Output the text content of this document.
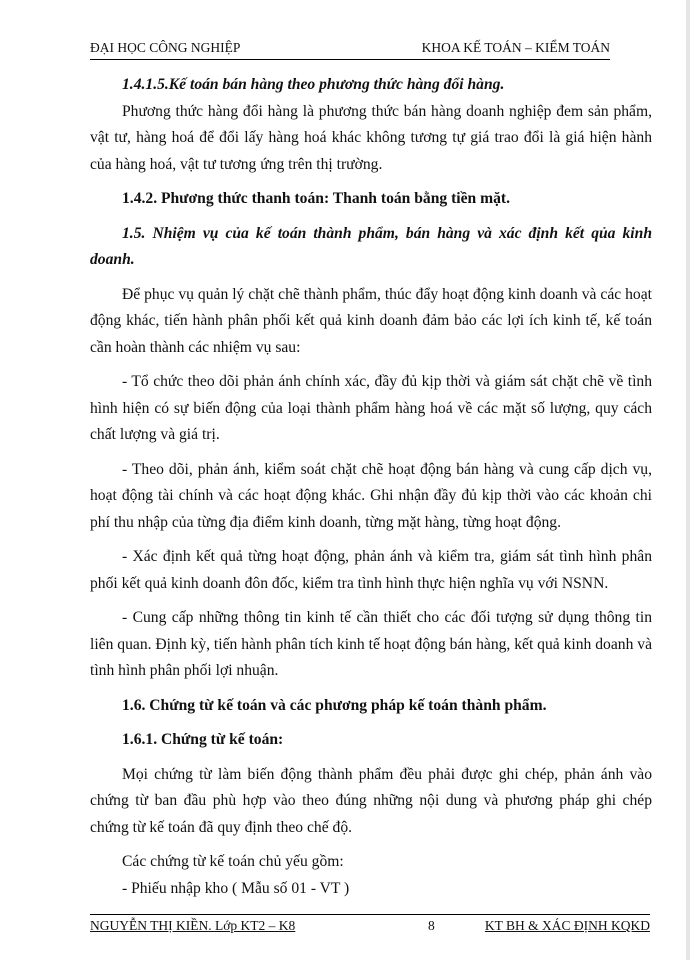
ĐẠI HỌC CÔNG NGHIỆP	KHOA KẾ TOÁN – KIỂM TOÁN

1.4.1.5.Kế toán bán hàng theo phương thức hàng đổi hàng.

Phương thức hàng đổi hàng là phương thức bán hàng doanh nghiệp đem sản phẩm, vật tư, hàng hoá để đổi lấy hàng hoá khác không tương tự giá trao đổi là giá hiện hành của hàng hoá, vật tư tương ứng trên thị trường.

1.4.2. Phương thức thanh toán: Thanh toán bằng tiền mặt.

1.5. Nhiệm vụ của kế toán thành phẩm, bán hàng và xác định kết qủa kinh doanh.

Để phục vụ quản lý chặt chẽ thành phẩm, thúc đẩy hoạt động kinh doanh và các hoạt động khác, tiến hành phân phối kết quả kinh doanh đảm bảo các lợi ích kinh tế, kế toán cần hoàn thành các nhiệm vụ sau:

- Tổ chức theo dõi phản ánh chính xác, đầy đủ kịp thời và giám sát chặt chẽ về tình hình hiện có sự biến động của loại thành phẩm hàng hoá về các mặt số lượng, quy cách chất lượng và giá trị.

- Theo dõi, phản ánh, kiểm soát chặt chẽ hoạt động bán hàng và cung cấp dịch vụ, hoạt động tài chính và các hoạt động khác. Ghi nhận đầy đủ kịp thời vào các khoản chi phí thu nhập của từng địa điểm kinh doanh, từng mặt hàng, từng hoạt động.

- Xác định kết quả từng hoạt động, phản ánh và kiểm tra, giám sát tình hình phân phối kết quả kinh doanh đôn đốc, kiểm tra tình hình thực hiện nghĩa vụ với NSNN.

- Cung cấp những thông tin kinh tế cần thiết cho các đối tượng sử dụng thông tin liên quan. Định kỳ, tiến hành phân tích kinh tế hoạt động bán hàng, kết quả kinh doanh và tình hình phân phối lợi nhuận.

1.6. Chứng từ kế toán và các phương pháp kế toán thành phẩm.

1.6.1. Chứng từ kế toán:

Mọi chứng từ làm biến động thành phẩm đều phải được ghi chép, phản ánh vào chứng từ ban đầu phù hợp vào theo đúng những nội dung và phương pháp ghi chép chứng từ kế toán đã quy định theo chế độ.

Các chứng từ kế toán chủ yếu gồm:

- Phiếu nhập kho ( Mẫu số 01 - VT )

NGUYỄN THỊ KIỀN. Lớp KT2 – K8	8	KT BH & XÁC ĐỊNH KQKD
